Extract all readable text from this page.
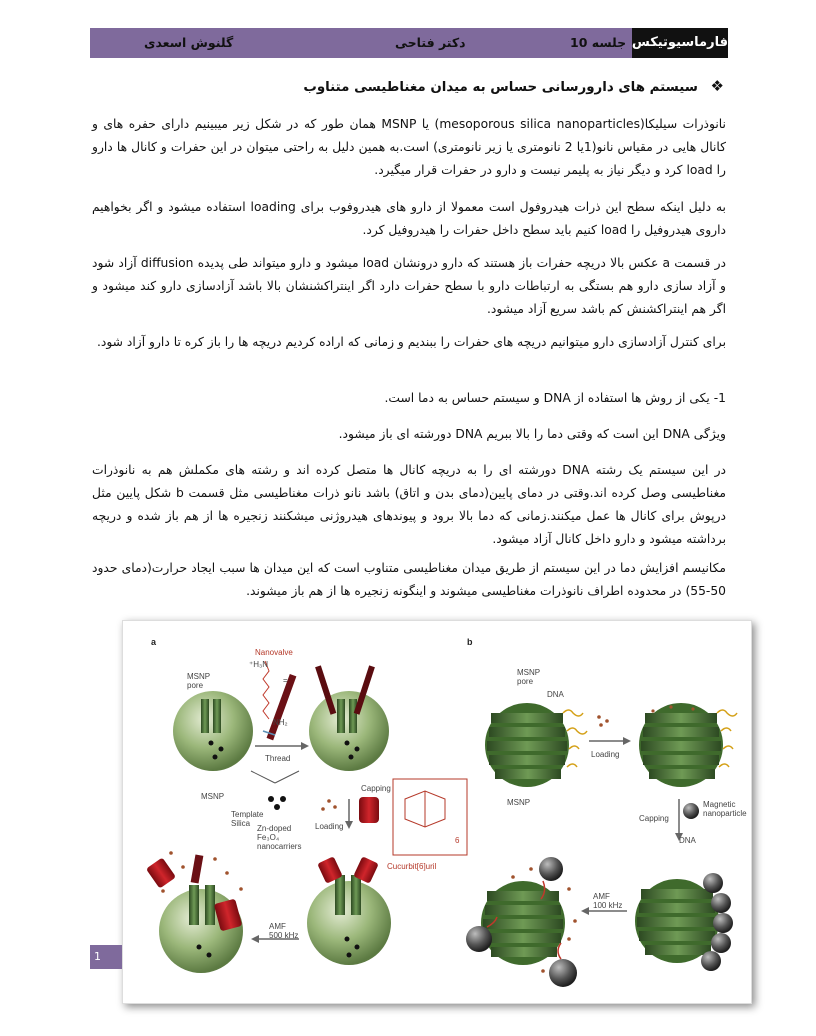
گلنوش اسعدی	دکتر فتاحی	جلسه 10 فارماسیوتیکس
❖ سیستم های دارورسانی حساس به میدان مغناطیسی متناوب
نانوذرات سیلیکا(mesoporous silica nanoparticles) یا MSNP همان طور که در شکل زیر میبینیم دارای حفره های و کانال هایی در مقیاس نانو(1یا 2 نانومتری یا زیر نانومتری) است.به همین دلیل به راحتی میتوان در این حفرات و کانال ها دارو را load کرد و دیگر نیاز به پلیمر نیست و دارو در حفرات قرار میگیرد.
به دلیل اینکه سطح این ذرات هیدروفول است معمولا از دارو های هیدروفوب برای loading استفاده میشود و اگر بخواهیم داروی هیدروفیل را load کنیم باید سطح داخل حفرات را هیدروفیل کرد.
در قسمت a عکس بالا دریچه حفرات باز هستند که دارو درونشان load میشود و دارو میتواند طی پدیده diffusion آزاد شود و آزاد سازی دارو هم بستگی به ارتباطات دارو با سطح حفرات دارد اگر اینتراکشنشان بالا باشد آزادسازی دارو کند میشود و اگر هم اینتراکشنش کم باشد سریع آزاد میشود.
برای کنترل آزادسازی دارو میتوانیم دریچه های حفرات را ببندیم و زمانی که اراده کردیم دریچه ها را باز کره تا دارو آزاد شود.
1- یکی از روش ها استفاده از DNA و سیستم حساس به دما است.
ویژگی DNA این است که وقتی دما را بالا ببریم DNA دورشته ای باز میشود.
در این سیستم یک رشته DNA دورشته ای را به دریچه کانال ها متصل کرده اند و رشته های مکملش هم به نانوذرات مغناطیسی وصل کرده اند.وقتی در دمای پایین(دمای بدن و اتاق) باشد نانو ذرات مغناطیسی مثل قسمت b شکل پایین مثل درپوش برای کانال ها عمل میکنند.زمانی که دما بالا برود و پیوندهای هیدروژنی میشکنند زنجیره ها از هم باز شده و دریچه برداشته میشود و دارو داخل کانال آزاد میشود.
مکانیسم افزایش دما در این سیستم از طریق میدان مغناطیسی متناوب است که این میدان ها سبب ایجاد حرارت(دمای حدود 50-55) در محدوده اطراف نانوذرات مغناطیسی میشوند و اینگونه زنجیره ها از هم باز میشوند.
a
MSNP pore
Nanovalve
⁺H₃N
NH₂
=
Thread
MSNP
Template Silica
Zn-doped Fe₃O₄ nanocarriers
Loading
Capping
6
Cucurbit[6]uril
AMF 500 kHz
b
MSNP pore
DNA
MSNP
Loading
Capping
Magnetic nanoparticle
DNA
AMF 100 kHz
1
